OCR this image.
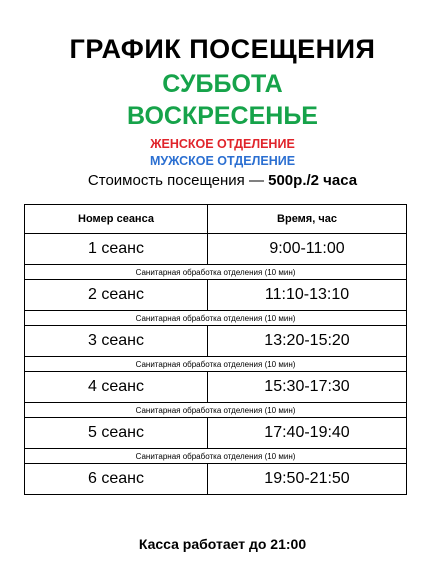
ГРАФИК ПОСЕЩЕНИЯ
СУББОТА
ВОСКРЕСЕНЬЕ
ЖЕНСКОЕ ОТДЕЛЕНИЕ
МУЖСКОЕ ОТДЕЛЕНИЕ
Стоимость посещения — 500р./2 часа
Номер сеанса	Время, час
1 сеанс	9:00-11:00
Санитарная обработка отделения (10 мин)	
2 сеанс	11:10-13:10
Санитарная обработка отделения (10 мин)	
3 сеанс	13:20-15:20
Санитарная обработка отделения (10 мин)	
4 сеанс	15:30-17:30
Санитарная обработка отделения (10 мин)	
5 сеанс	17:40-19:40
Санитарная обработка отделения (10 мин)	
6 сеанс	19:50-21:50
Касса работает до 21:00
